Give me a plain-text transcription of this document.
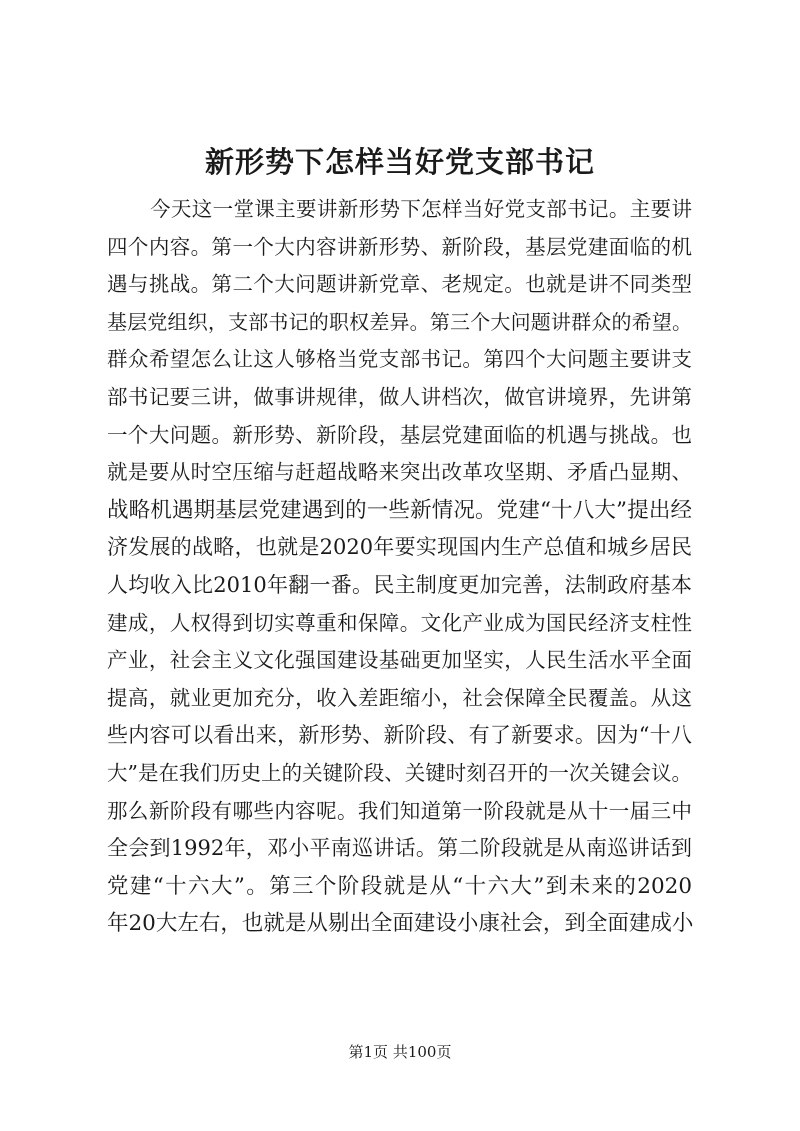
新形势下怎样当好党支部书记
今天这一堂课主要讲新形势下怎样当好党支部书记。主要讲
四个内容。第一个大内容讲新形势、新阶段，基层党建面临的机
遇与挑战。第二个大问题讲新党章、老规定。也就是讲不同类型
基层党组织，支部书记的职权差异。第三个大问题讲群众的希望。
群众希望怎么让这人够格当党支部书记。第四个大问题主要讲支
部书记要三讲，做事讲规律，做人讲档次，做官讲境界，先讲第
一个大问题。新形势、新阶段，基层党建面临的机遇与挑战。也
就是要从时空压缩与赶超战略来突出改革攻坚期、矛盾凸显期、
战略机遇期基层党建遇到的一些新情况。党建“十八大”提出经
济发展的战略，也就是2020年要实现国内生产总值和城乡居民
人均收入比2010年翻一番。民主制度更加完善，法制政府基本
建成，人权得到切实尊重和保障。文化产业成为国民经济支柱性
产业，社会主义文化强国建设基础更加坚实，人民生活水平全面
提高，就业更加充分，收入差距缩小，社会保障全民覆盖。从这
些内容可以看出来，新形势、新阶段、有了新要求。因为“十八
大”是在我们历史上的关键阶段、关键时刻召开的一次关键会议。
那么新阶段有哪些内容呢。我们知道第一阶段就是从十一届三中
全会到1992年，邓小平南巡讲话。第二阶段就是从南巡讲话到
党建“十六大”。第三个阶段就是从“十六大”到未来的2020
年20大左右，也就是从剔出全面建设小康社会，到全面建成小
第1页 共100页
